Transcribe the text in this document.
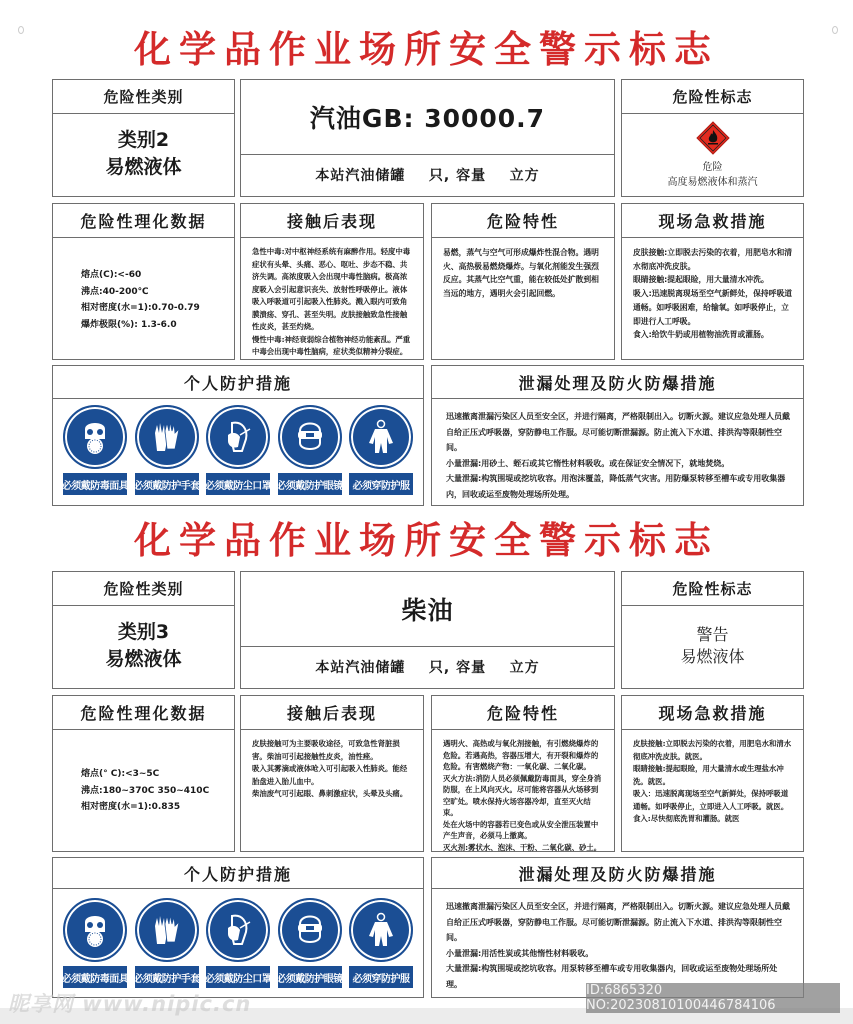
化学品作业场所安全警示标志
危险性类别
类别2
易燃液体
汽油GB: 30000.7
本站汽油储罐    只, 容量    立方
危险性标志
危险
高度易燃液体和蒸汽
危险性理化数据

熔点(C):<-60

沸点:40-200℃

相对密度(水=1):0.70-0.79

爆炸极限(%): 1.3-6.0

接触后表现

急性中毒:对中枢神经系统有麻醉作用。轻度中毒症状有头晕、头痛、恶心、呕吐、步态不稳、共济失调。高浓度吸入会出现中毒性脑病。极高浓度吸入会引起意识丧失、放射性呼吸停止。液体吸入呼吸道可引起吸入性肺炎。溅入眼内可致角膜溃疡、穿孔、甚至失明。皮肤接触致急性接触性皮炎，甚至灼烧。

慢性中毒:神经衰弱综合植物神经功能紊乱。严重中毒会出现中毒性脑病，症状类似精神分裂症。

危险特性

易燃，蒸气与空气可形成爆炸性混合物。遇明火、高热极易燃烧爆炸。与氧化剂能发生强烈反应。其蒸气比空气重，能在较低处扩散到相当远的地方，遇明火会引起回燃。

现场急救措施

皮肤接触:立即脱去污染的衣着，用肥皂水和清水彻底冲洗皮肤。

眼睛接触:提起眼睑，用大量清水冲洗。

吸入:迅速脱离现场至空气新鲜处，保持呼吸道通畅。如呼吸困难，给输氧。如呼吸停止，立即进行人工呼吸。

食入:给饮牛奶或用植物油洗胃或灌肠。

个人防护措施
必须戴防毒面具 必须戴防护手套 必须戴防尘口罩 必须戴防护眼镜 必须穿防护服
泄漏处理及防火防爆措施

迅速撤离泄漏污染区人员至安全区，并进行隔离，严格限制出入。切断火源。建议应急处理人员戴自给正压式呼吸器，穿防静电工作服。尽可能切断泄漏源。防止流入下水道、排洪沟等限制性空间。

小量泄漏:用砂土、蛭石或其它惰性材料吸收。或在保证安全情况下，就地焚烧。

大量泄漏:构筑围堤或挖坑收容。用泡沫覆盖，降低蒸气灾害。用防爆泵转移至槽车或专用收集器内，回收或运至废物处理场所处理。

化学品作业场所安全警示标志
危险性类别
类别3
易燃液体
柴油
本站汽油储罐    只, 容量    立方
危险性标志
警告
易燃液体
危险性理化数据

熔点(° C):<3~5C

沸点:180~370C 350~410C

相对密度(水=1):0.835

接触后表现

皮肤接触可为主要吸收途径，可致急性肾脏损害。柴油可引起接触性皮炎，油性痤。

吸入其雾滴或液体呛入可引起吸入性肺炎。能经胎盘进入胎儿血中。

柴油废气可引起眼、鼻刺激症状，头晕及头痛。

危险特性

遇明火、高热或与氧化剂接触，有引燃烧爆炸的危险。若遇高热，容器压增大，有开裂和爆炸的危险。有害燃烧产物：一氧化碳、二氧化碳。

灭火方法:消防人员必须佩戴防毒面具，穿全身消防服，在上风向灭火。尽可能将容器从火场移到空旷处。喷水保持火场容器冷却，直至灭火结束。

处在火场中的容器若已变色或从安全泄压装置中产生声音，必须马上撤离。

灭火剂:雾状水、泡沫、干粉、二氧化碳、砂土。

现场急救措施

皮肤接触:立即脱去污染的衣着，用肥皂水和清水彻底冲洗皮肤。就医。

眼睛接触:提起眼睑，用大量清水或生理盐水冲洗。就医。

吸入：迅速脱离现场至空气新鲜处，保持呼吸道通畅。如呼吸停止，立即进入人工呼吸。就医。

食入:尽快彻底洗胃和灌肠。就医

个人防护措施
必须戴防毒面具 必须戴防护手套 必须戴防尘口罩 必须戴防护眼镜 必须穿防护服
泄漏处理及防火防爆措施

迅速撤离泄漏污染区人员至安全区，并进行隔离，严格限制出入。切断火源。建议应急处理人员戴自给正压式呼吸器，穿防静电工作服。尽可能切断泄漏源。防止流入下水道、排洪沟等限制性空间。

小量泄漏:用活性炭或其他惰性材料吸收。

大量泄漏:构筑围堤或挖坑收容。用泵转移至槽车或专用收集器内，回收或运至废物处理场所处理。

昵享网 www.nipic.cn
ID:6865320 NO:20230810100446784106
